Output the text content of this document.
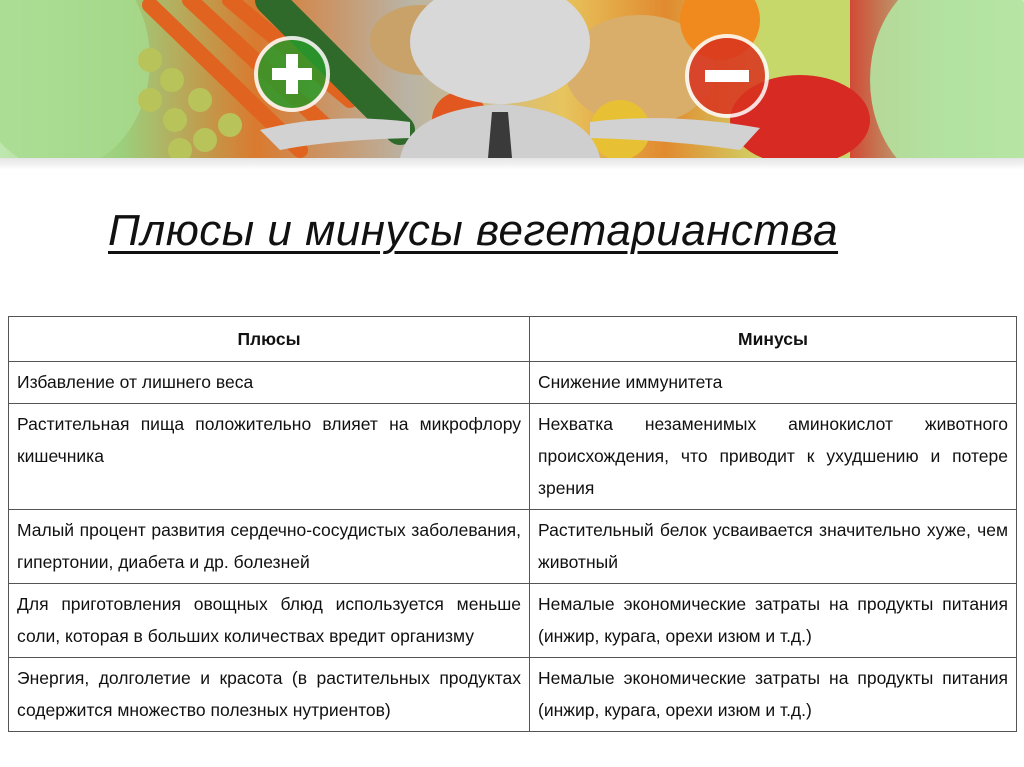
Плюсы и минусы вегетарианства
Плюсы	Минусы
Избавление от лишнего веса	Снижение иммунитета
Растительная пища положительно влияет на микрофлору кишечника	Нехватка незаменимых аминокислот животного происхождения, что приводит к ухудшению и потере зрения
Малый процент развития сердечно-сосудистых заболевания, гипертонии, диабета и др. болезней	Растительный белок усваивается значительно хуже, чем животный
Для приготовления овощных блюд используется меньше соли, которая в больших количествах вредит организму	Немалые экономические затраты на продукты питания (инжир, курага, орехи изюм и т.д.)
Энергия, долголетие и красота (в растительных продуктах содержится множество полезных нутриентов)	Немалые экономические затраты на продукты питания (инжир, курага, орехи изюм и т.д.)
